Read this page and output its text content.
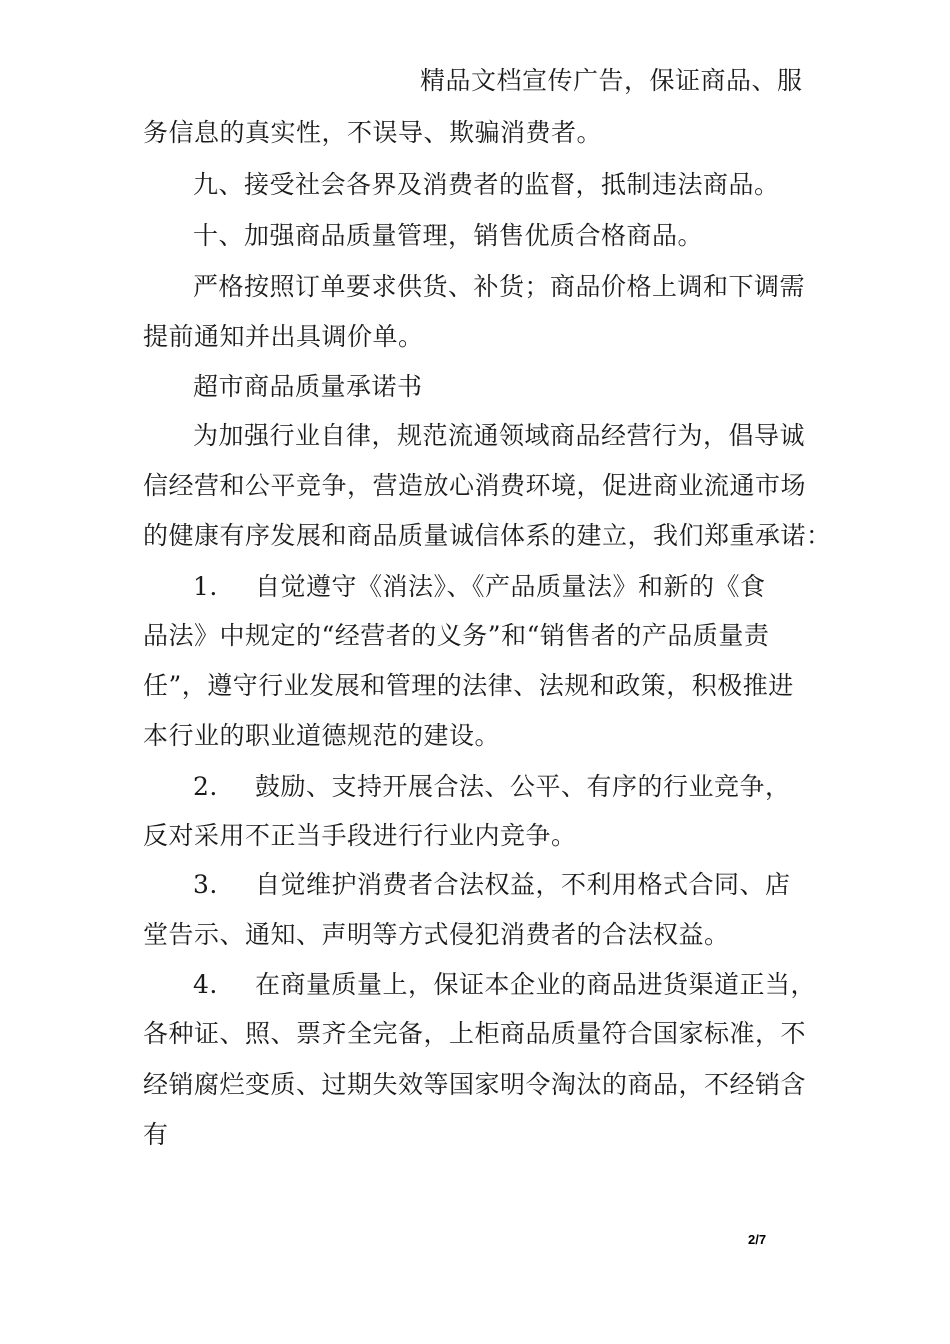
精品文档宣传广告，保证商品、服
务信息的真实性，不误导、欺骗消费者。
九、接受社会各界及消费者的监督，抵制违法商品。
十、加强商品质量管理，销售优质合格商品。
严格按照订单要求供货、补货；商品价格上调和下调需
提前通知并出具调价单。
超市商品质量承诺书
为加强行业自律，规范流通领域商品经营行为，倡导诚
信经营和公平竞争，营造放心消费环境，促进商业流通市场
的健康有序发展和商品质量诚信体系的建立，我们郑重承诺：
1. 自觉遵守《消法》、《产品质量法》和新的《食
品法》中规定的“经营者的义务”和“销售者的产品质量责
任”，遵守行业发展和管理的法律、法规和政策，积极推进
本行业的职业道德规范的建设。
2. 鼓励、支持开展合法、公平、有序的行业竞争，
反对采用不正当手段进行行业内竞争。
3. 自觉维护消费者合法权益，不利用格式合同、店
堂告示、通知、声明等方式侵犯消费者的合法权益。
4. 在商量质量上，保证本企业的商品进货渠道正当，
各种证、照、票齐全完备，上柜商品质量符合国家标准，不
经销腐烂变质、过期失效等国家明令淘汰的商品，不经销含
有
2/7
